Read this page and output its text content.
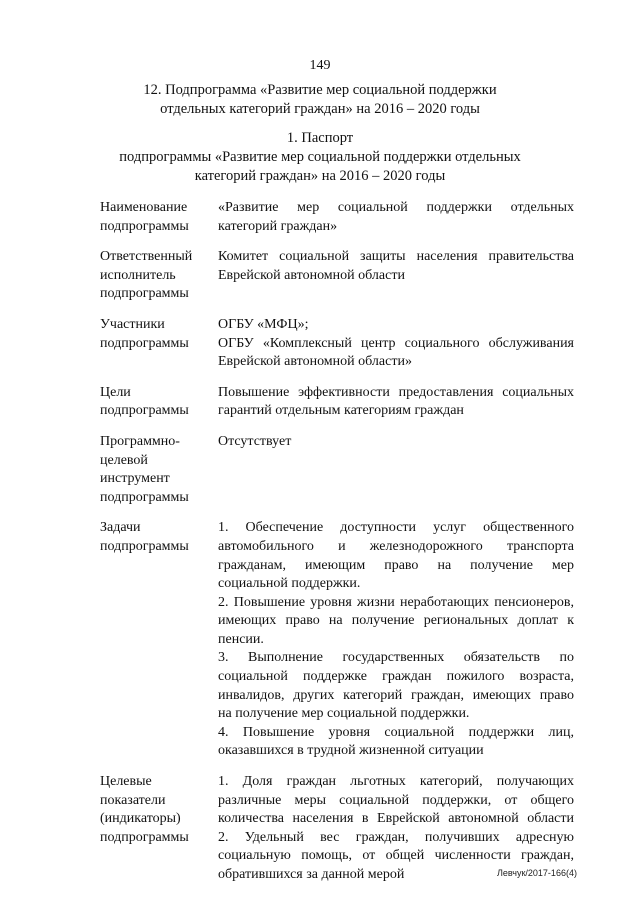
149
12. Подпрограмма «Развитие мер социальной поддержки
отдельных категорий граждан» на 2016 – 2020 годы
1. Паспорт
подпрограммы «Развитие мер социальной поддержки отдельных
категорий граждан» на 2016 – 2020 годы
Наименование
подпрограммы
«Развитие мер социальной поддержки отдельных
категорий граждан»
Ответственный
исполнитель
подпрограммы
Комитет социальной защиты населения правительства
Еврейской автономной области
Участники
подпрограммы
ОГБУ «МФЦ»;
ОГБУ «Комплексный центр социального обслуживания
Еврейской автономной области»
Цели
подпрограммы
Повышение эффективности предоставления социальных
гарантий отдельным категориям граждан
Программно-
целевой
инструмент
подпрограммы
Отсутствует
Задачи
подпрограммы
1. Обеспечение доступности услуг общественного
автомобильного и железнодорожного транспорта
гражданам, имеющим право на получение мер
социальной поддержки.
2. Повышение уровня жизни неработающих пенсионеров,
имеющих право на получение региональных доплат к
пенсии.
3. Выполнение государственных обязательств по
социальной поддержке граждан пожилого возраста,
инвалидов, других категорий граждан, имеющих право
на получение мер социальной поддержки.
4. Повышение уровня социальной поддержки лиц,
оказавшихся в трудной жизненной ситуации
Целевые
показатели
(индикаторы)
подпрограммы
1. Доля граждан льготных категорий, получающих
различные меры социальной поддержки, от общего
количества населения в Еврейской автономной области
2. Удельный вес граждан, получивших адресную
социальную помощь, от общей численности граждан,
обратившихся за данной мерой	Левчук/2017-166(4)
